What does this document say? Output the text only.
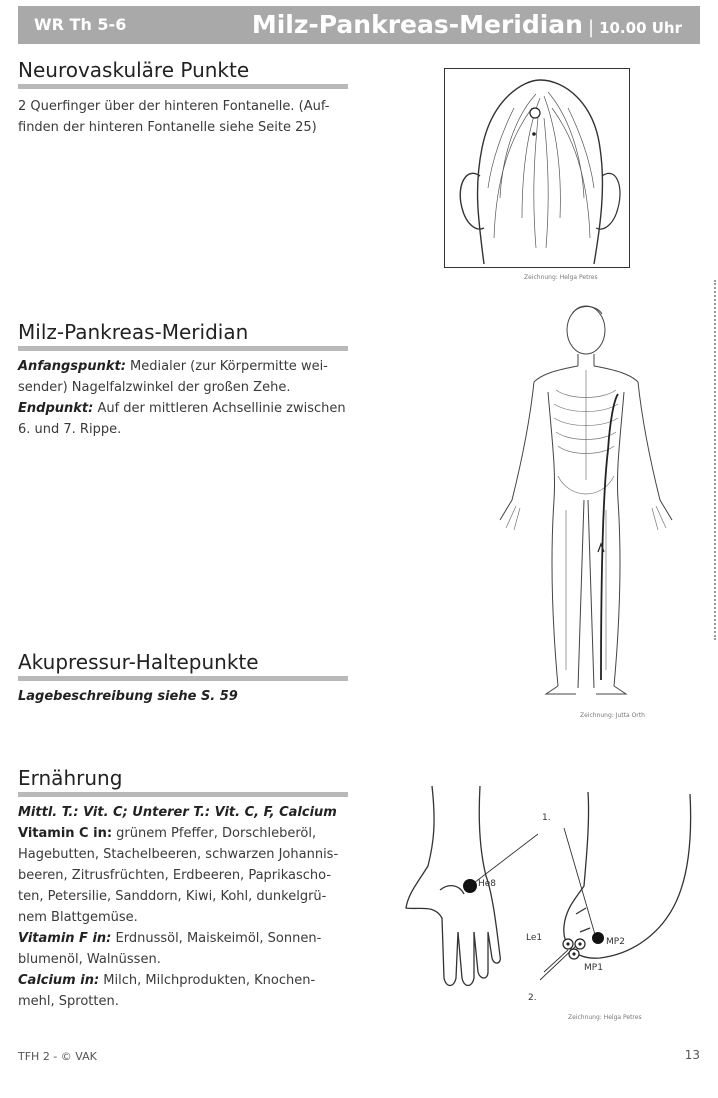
WR Th 5-6	Milz-Pankreas-Meridian | 10.00 Uhr
Neurovaskuläre Punkte
2 Querfinger über der hinteren Fontanelle. (Auf-
finden der hinteren Fontanelle siehe Seite 25)
Zeichnung: Helga Petres
Milz-Pankreas-Meridian
Anfangspunkt: Medialer (zur Körpermitte wei-
sender) Nagelfalzwinkel der großen Zehe.
Endpunkt: Auf der mittleren Achsellinie zwischen
6. und 7. Rippe.
Zeichnung: Jutta Orth
Akupressur-Haltepunkte
Lagebeschreibung siehe S. 59
Ernährung
Mittl. T.: Vit. C; Unterer T.: Vit. C, F, Calcium
Vitamin C in: grünem Pfeffer, Dorschleberöl,
Hagebutten, Stachelbeeren, schwarzen Johannis-
beeren, Zitrusfrüchten, Erdbeeren, Paprikascho-
ten, Petersilie, Sanddorn, Kiwi, Kohl, dunkelgrü-
nem Blattgemüse.
Vitamin F in: Erdnussöl, Maiskeimöl, Sonnen-
blumenöl, Walnüssen.
Calcium in: Milch, Milchprodukten, Knochen-
mehl, Sprotten.
He8
Le1	MP2
MP1
1.
2.
Zeichnung: Helga Petres
TFH 2 - © VAK	13
